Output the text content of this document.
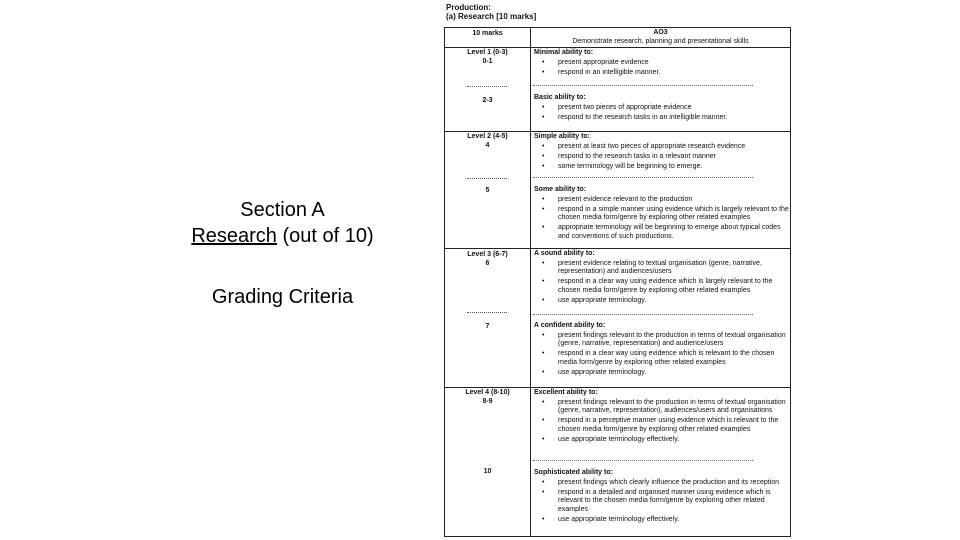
Section A
Research (out of 10)
Grading Criteria
Production:
(a) Research [10 marks]
10 marks	AO3
Demonstrate research, planning and presentational skills
Level 1 (0-3)
0-1
2-3
Minimal ability to:
• present appropriate evidence
• respond in an intelligible manner.
Basic ability to:
• present two pieces of appropriate evidence
• respond to the research tasks in an intelligible manner.
Level 2 (4-5)
4
5
Simple ability to:
• present at least two pieces of appropriate research evidence
• respond to the research tasks in a relevant manner
• some terminology will be beginning to emerge.
Some ability to:
• present evidence relevant to the production
• respond in a simple manner using evidence which is largely relevant to the chosen media form/genre by exploring other related examples
• appropriate terminology will be beginning to emerge about typical codes and conventions of such productions.
Level 3 (6-7)
6
7
A sound ability to:
• present evidence relating to textual organisation (genre, narrative, representation) and audiences/users
• respond in a clear way using evidence which is largely relevant to the chosen media form/genre by exploring other related examples
• use appropriate terminology.
A confident ability to:
• present findings relevant to the production in terms of textual organisation (genre, narrative, representation) and audience/users
• respond in a clear way using evidence which is relevant to the chosen media form/genre by exploring other related examples
• use appropriate terminology.
Level 4 (8-10)
8-9
10
Excellent ability to:
• present findings relevant to the production in terms of textual organisation (genre, narrative, representation), audiences/users and organisations
• respond in a perceptive manner using evidence which is relevant to the chosen media form/genre by exploring other related examples
• use appropriate terminology effectively.
Sophisticated ability to:
• present findings which clearly influence the production and its reception
• respond in a detailed and organised manner using evidence which is relevant to the chosen media form/genre by exploring other related examples
• use appropriate terminology effectively.
